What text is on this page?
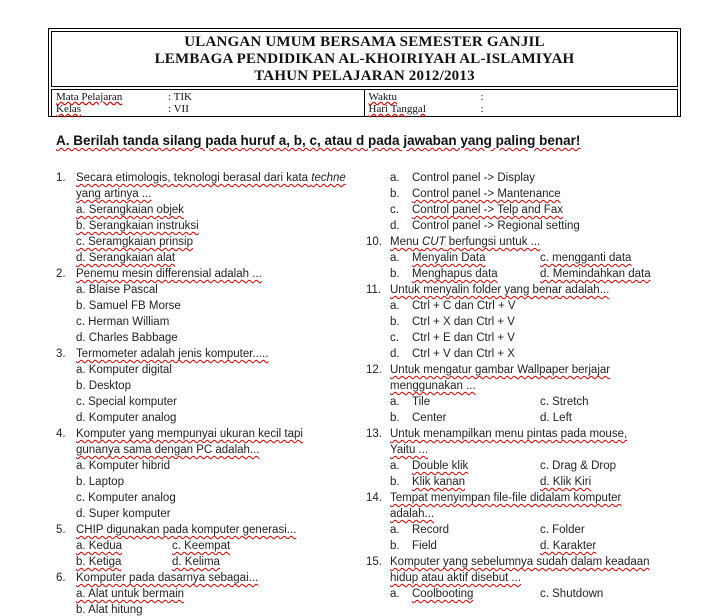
ULANGAN UMUM BERSAMA SEMESTER GANJIL
LEMBAGA PENDIDIKAN AL-KHOIRIYAH AL-ISLAMIYAH
TAHUN PELAJARAN 2012/2013
Mata Pelajaran	: TIK
Kelas	: VII
Waktu	:
Hari Tanggal	:
A. Berilah tanda silang pada huruf a, b, c, atau d pada jawaban yang paling benar!
1. Secara etimologis, teknologi berasal dari kata techne
yang artinya ...
a. Serangkaian objek
b. Serangkaian instruksi
c. Seramgkaian prinsip
d. Serangkaian alat
2. Penemu mesin differensial adalah ...
a. Blaise Pascal
b. Samuel FB Morse
c. Herman William
d. Charles Babbage
3. Termometer adalah jenis komputer.....
a. Komputer digital
b. Desktop
c. Special komputer
d. Komputer analog
4. Komputer yang mempunyai ukuran kecil tapi
gunanya sama dengan PC adalah...
a. Komputer hibrid
b. Laptop
c. Komputer analog
d. Super komputer
5. CHIP digunakan pada komputer generasi...
a. Kedua	c. Keempat
b. Ketiga	d. Kelima
6. Komputer pada dasarnya sebagai...
a. Alat untuk bermain
b. Alat hitung
a.	Control panel -> Display
b.	Control panel -> Mantenance
c.	Control panel -> Telp and Fax
d.	Control panel -> Regional setting
10. Menu CUT berfungsi untuk ...
a.	Menyalin Data	c. mengganti data
b.	Menghapus data	d. Memindahkan data
11. Untuk menyalin folder yang benar adalah...
a.	Ctrl + C dan Ctrl + V
b.	Ctrl + X dan Ctrl + V
c.	Ctrl + E dan Ctrl + V
d.	Ctrl + V dan Ctrl + X
12. Untuk mengatur gambar Wallpaper berjajar
menggunakan ...
a.	Tile	c. Stretch
b.	Center	d. Left
13. Untuk menampilkan menu pintas pada mouse,
Yaitu ...
a.	Double klik	c. Drag & Drop
b.	Klik kanan	d. Klik Kiri
14. Tempat menyimpan file-file didalam komputer
adalah...
a.	Record	c. Folder
b.	Field	d. Karakter
15. Komputer yang sebelumnya sudah dalam keadaan
hidup atau aktif disebut ...
a.	Coolbooting	c. Shutdown
